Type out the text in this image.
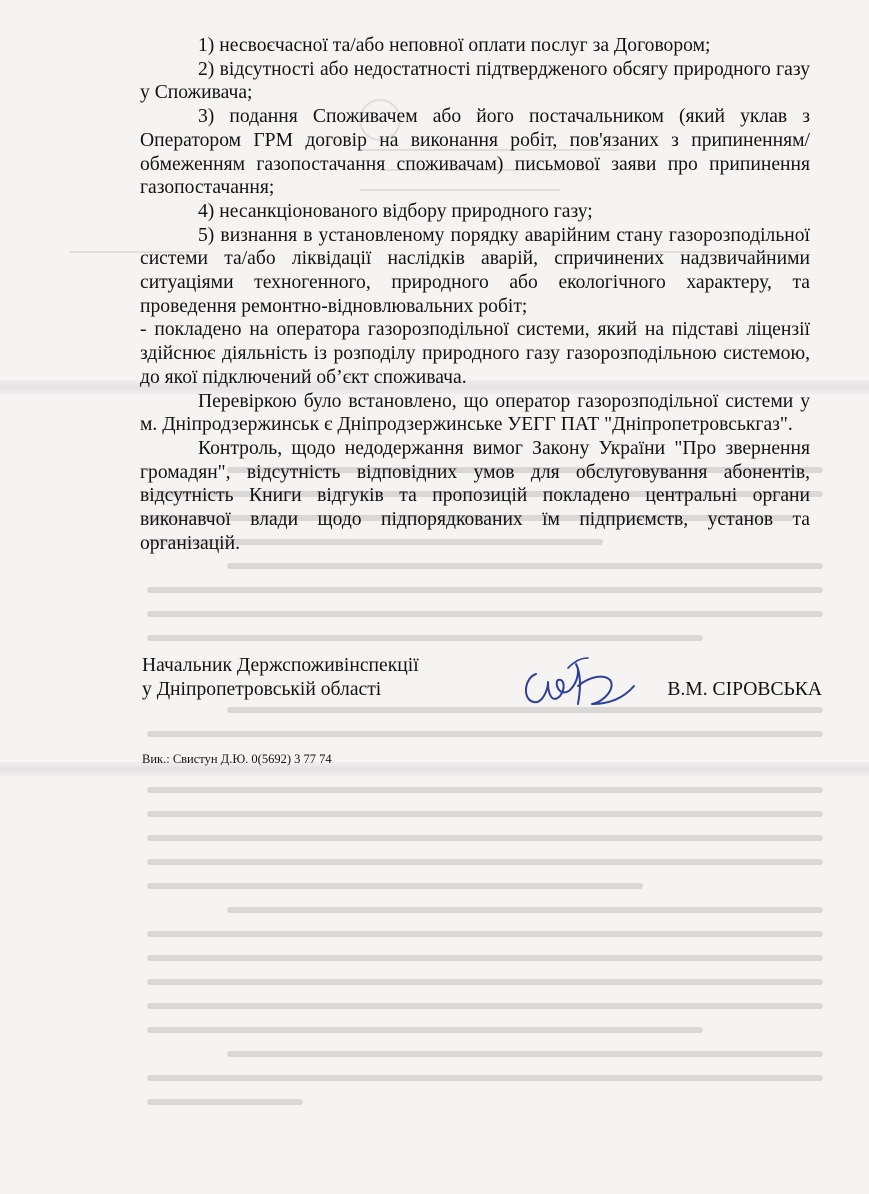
1) несвоєчасної та/або неповної оплати послуг за Договором;

2) відсутності або недостатності підтвердженого обсягу природного газу у Споживача;

3) подання Споживачем або його постачальником (який уклав з Оператором ГРМ договір на виконання робіт, пов'язаних з припиненням/обмеженням газопостачання споживачам) письмової заяви про припинення газопостачання;

4) несанкціонованого відбору природного газу;

5) визнання в установленому порядку аварійним стану газорозподільної системи та/або ліквідації наслідків аварій, спричинених надзвичайними ситуаціями техногенного, природного або екологічного характеру, та проведення ремонтно-відновлювальних робіт;

- покладено на оператора газорозподільної системи, який на підставі ліцензії здійснює діяльність із розподілу природного газу газорозподільною системою, до якої підключений об’єкт споживача.

Перевіркою було встановлено, що оператор газорозподільної системи у м. Дніпродзержинськ є Дніпродзержинське УЕГГ ПАТ "Дніпропетровськгаз".

Контроль, щодо недодержання вимог Закону України "Про звернення громадян", відсутність відповідних умов для обслуговування абонентів, відсутність Книги відгуків та пропозицій покладено центральні органи виконавчої влади щодо підпорядкованих їм підприємств, установ та організацій.

Начальник Держспоживінспекції
у Дніпропетровській області	В.М. СІРОВСЬКА
Вик.: Свистун Д.Ю. 0(5692) 3 77 74
